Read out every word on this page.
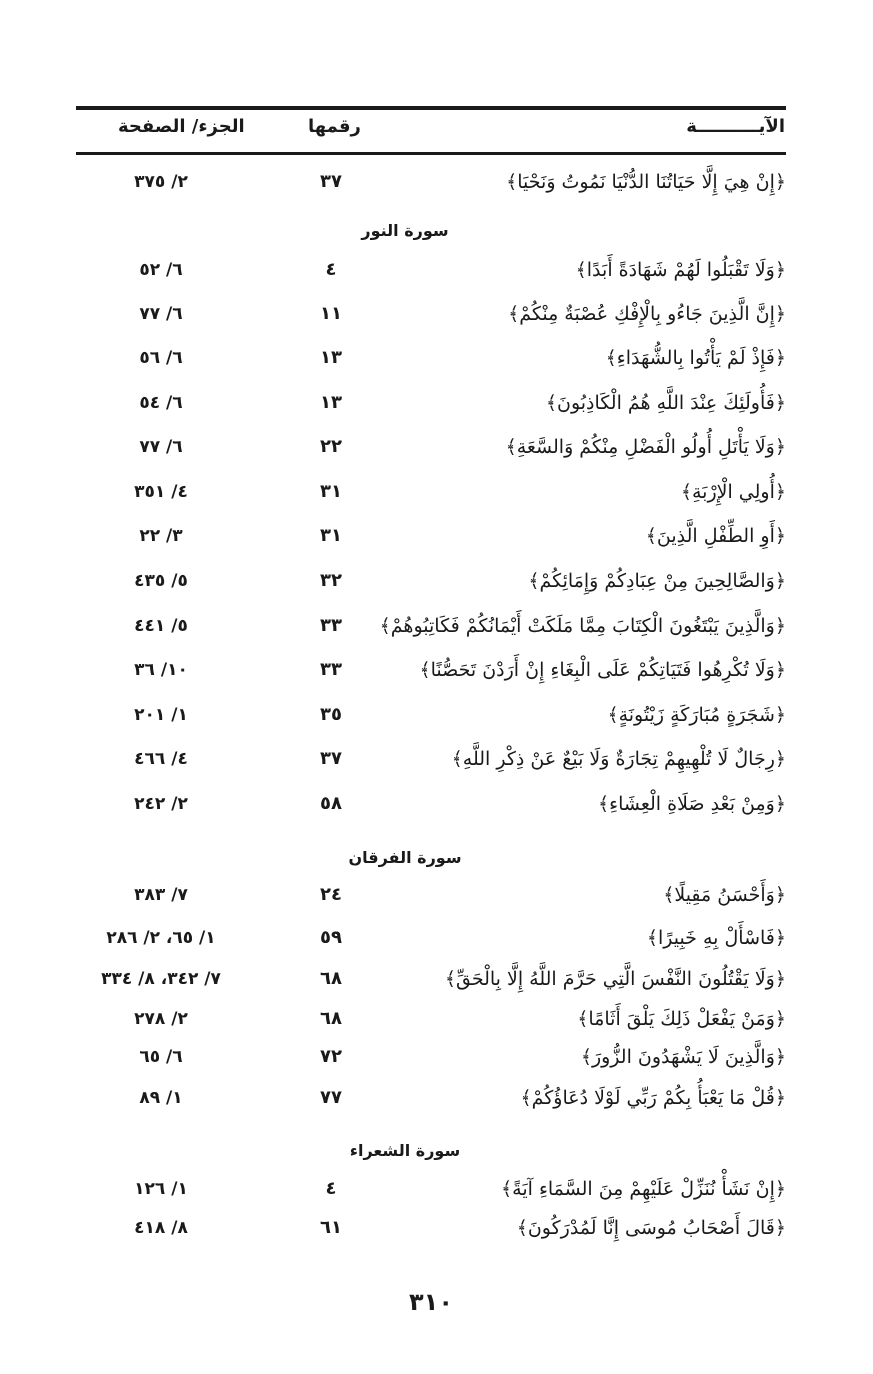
الآيــــــــــة
رقمها
الجزء/ الصفحة
﴿إِنْ هِيَ إِلَّا حَيَاتُنَا الدُّنْيَا نَمُوتُ وَنَحْيَا﴾
٣٧
٢/ ٣٧٥
سورة النور
﴿وَلَا تَقْبَلُوا لَهُمْ شَهَادَةً أَبَدًا﴾
٤
٦/ ٥٢
﴿إِنَّ الَّذِينَ جَاءُو بِالْإِفْكِ عُصْبَةٌ مِنْكُمْ﴾
١١
٦/ ٧٧
﴿فَإِذْ لَمْ يَأْتُوا بِالشُّهَدَاءِ﴾
١٣
٦/ ٥٦
﴿فَأُولَئِكَ عِنْدَ اللَّهِ هُمُ الْكَاذِبُونَ﴾
١٣
٦/ ٥٤
﴿وَلَا يَأْتَلِ أُولُو الْفَضْلِ مِنْكُمْ وَالسَّعَةِ﴾
٢٢
٦/ ٧٧
﴿أُولِي الْإِرْبَةِ﴾
٣١
٤/ ٣٥١
﴿أَوِ الطِّفْلِ الَّذِينَ﴾
٣١
٣/ ٢٢
﴿وَالصَّالِحِينَ مِنْ عِبَادِكُمْ وَإِمَائِكُمْ﴾
٣٢
٥/ ٤٣٥
﴿وَالَّذِينَ يَبْتَغُونَ الْكِتَابَ مِمَّا مَلَكَتْ أَيْمَانُكُمْ فَكَاتِبُوهُمْ﴾
٣٣
٥/ ٤٤١
﴿وَلَا تُكْرِهُوا فَتَيَاتِكُمْ عَلَى الْبِغَاءِ إِنْ أَرَدْنَ تَحَصُّنًا﴾
٣٣
١٠/ ٣٦
﴿شَجَرَةٍ مُبَارَكَةٍ زَيْتُونَةٍ﴾
٣٥
١/ ٢٠١
﴿رِجَالٌ لَا تُلْهِيهِمْ تِجَارَةٌ وَلَا بَيْعٌ عَنْ ذِكْرِ اللَّهِ﴾
٣٧
٤/ ٤٦٦
﴿وَمِنْ بَعْدِ صَلَاةِ الْعِشَاءِ﴾
٥٨
٢/ ٢٤٢
سورة الفرقان
﴿وَأَحْسَنُ مَقِيلًا﴾
٢٤
٧/ ٣٨٣
﴿فَاسْأَلْ بِهِ خَبِيرًا﴾
٥٩
١/ ٦٥، ٢/ ٢٨٦
﴿وَلَا يَقْتُلُونَ النَّفْسَ الَّتِي حَرَّمَ اللَّهُ إِلَّا بِالْحَقِّ﴾
٦٨
٧/ ٣٤٢، ٨/ ٣٣٤
﴿وَمَنْ يَفْعَلْ ذَلِكَ يَلْقَ أَثَامًا﴾
٦٨
٢/ ٢٧٨
﴿وَالَّذِينَ لَا يَشْهَدُونَ الزُّورَ﴾
٧٢
٦/ ٦٥
﴿قُلْ مَا يَعْبَأُ بِكُمْ رَبِّي لَوْلَا دُعَاؤُكُمْ﴾
٧٧
١/ ٨٩
سورة الشعراء
﴿إِنْ نَشَأْ نُنَزِّلْ عَلَيْهِمْ مِنَ السَّمَاءِ آيَةً﴾
٤
١/ ١٢٦
﴿قَالَ أَصْحَابُ مُوسَى إِنَّا لَمُدْرَكُونَ﴾
٦١
٨/ ٤١٨
٣١٠
